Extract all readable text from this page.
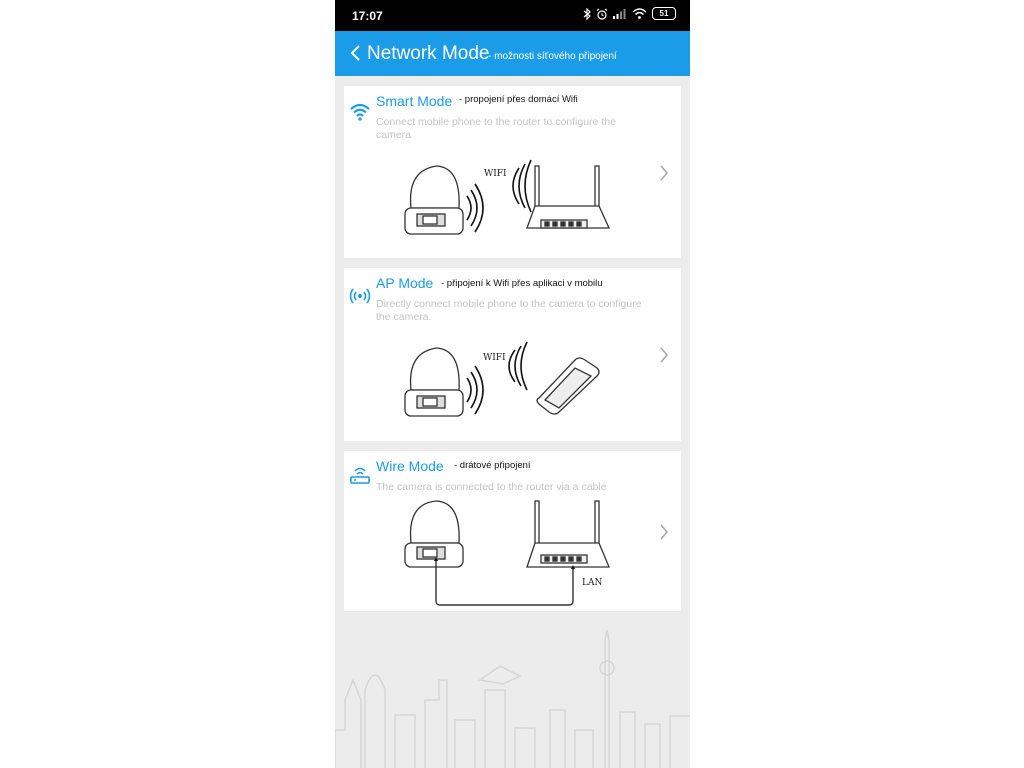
17:07	51
Network Mode
- možnosti síťového připojení
Smart Mode - propojení přes domácí Wifi
Connect mobile phone to the router to configure the camera
WIFI
AP Mode - připojení k Wifi přes aplikaci v mobilu
Directly connect mobile phone to the camera to configure the camera.
WIFI
Wire Mode - drátové připojení
The camera is connected to the router via a cable
LAN
